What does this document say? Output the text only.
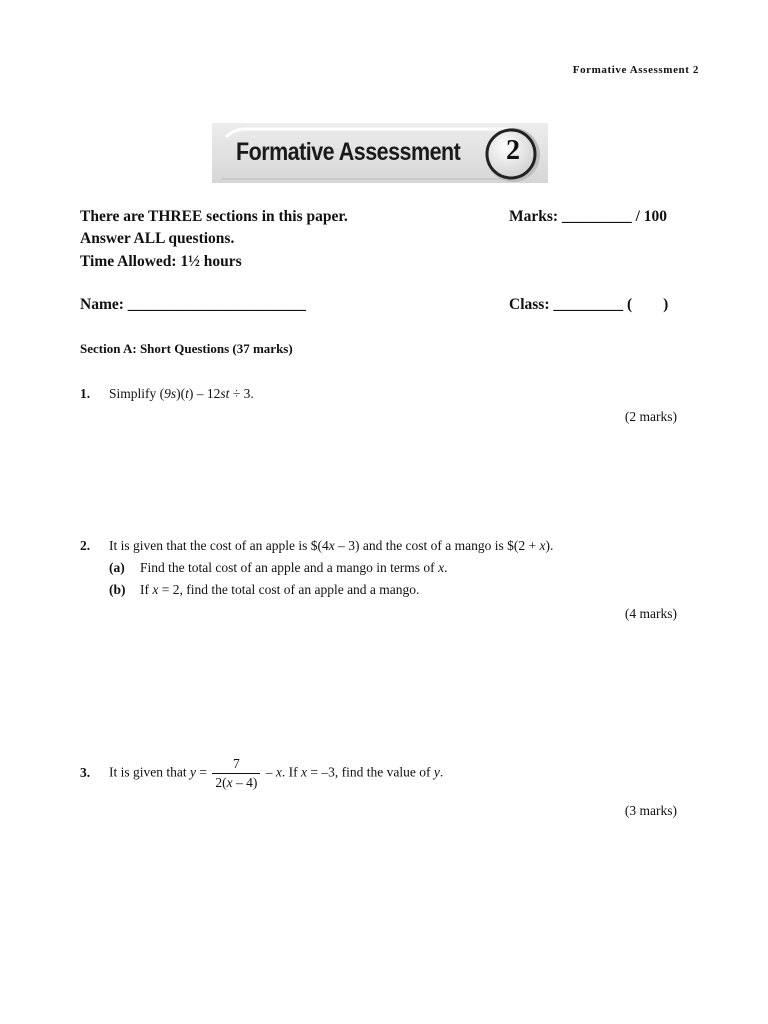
Formative Assessment 2
Formative Assessment	2
There are THREE sections in this paper.
Answer ALL questions.
Time Allowed: 1½ hours
Marks: _________ / 100
Name: _______________________	Class: _________ (        )
Section A: Short Questions (37 marks)
1. Simplify (9s)(t) – 12st ÷ 3.
(2 marks)
2. It is given that the cost of an apple is $(4x – 3) and the cost of a mango is $(2 + x).
(a) Find the total cost of an apple and a mango in terms of x.
(b) If x = 2, find the total cost of an apple and a mango.
(4 marks)
3. It is given that $y = \frac{7}{2(x - 4)} - x$. If x = –3, find the value of y.
(3 marks)
